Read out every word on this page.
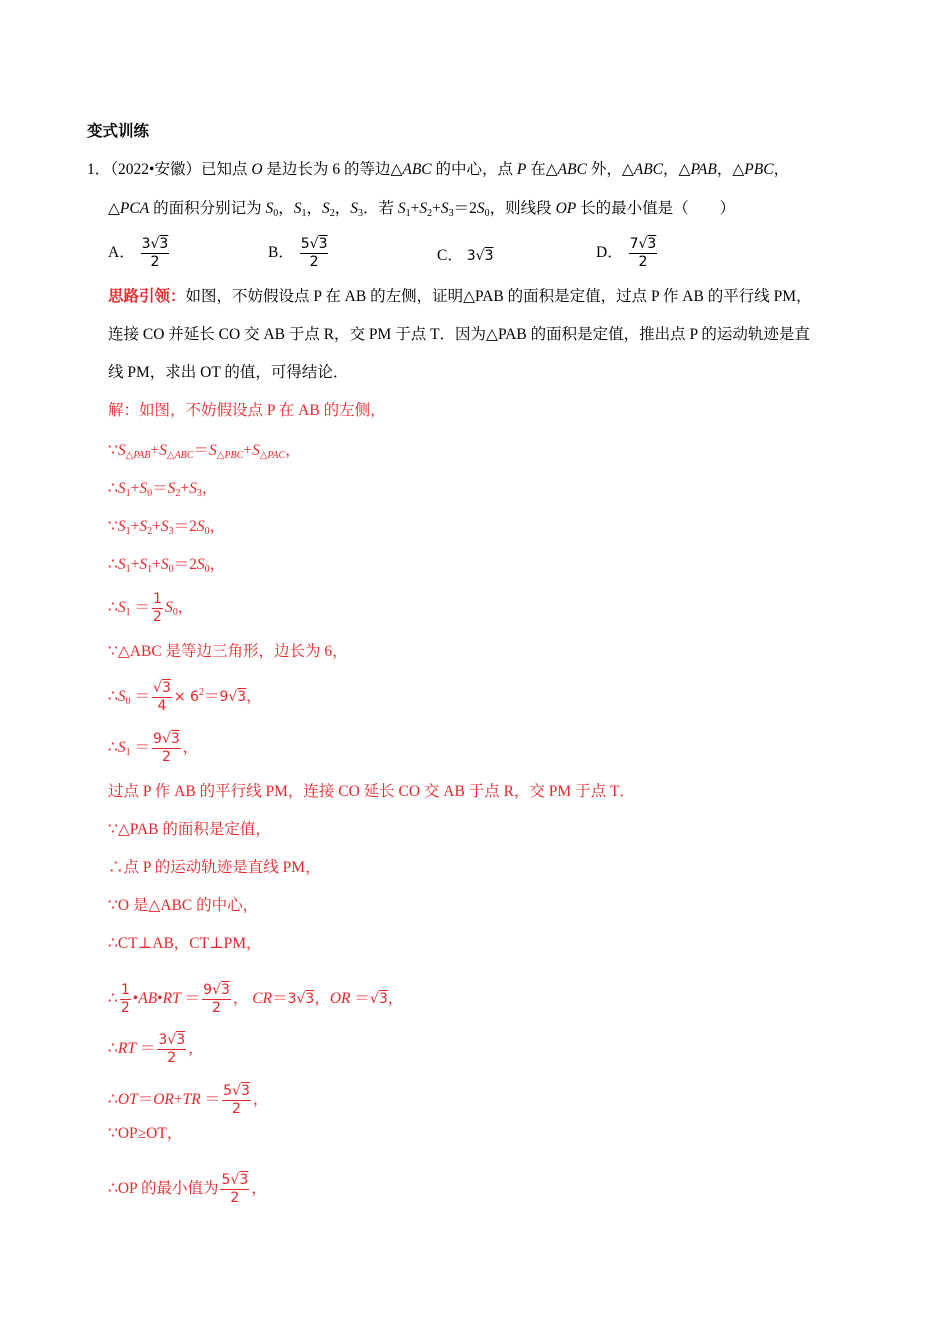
变式训练
1．（2022•安徽）已知点 O 是边长为 6 的等边△ABC 的中心，点 P 在△ABC 外，△ABC，△PAB，△PBC，
△PCA 的面积分别记为 $S_0$，$S_1$，$S_2$，$S_3$．若 $S_1+S_2+S_3=2S_0$，则线段 OP 长的最小值是（　　）
A． $\frac{3√3}{2}$	B． $\frac{5√3}{2}$	C． 3√3	D． $\frac{7√3}{2}$
思路引领：如图，不妨假设点 P 在 AB 的左侧，证明△PAB 的面积是定值，过点 P 作 AB 的平行线 PM，
连接 CO 并延长 CO 交 AB 于点 R，交 PM 于点 T．因为△PAB 的面积是定值，推出点 P 的运动轨迹是直
线 PM，求出 OT 的值，可得结论．
解：如图，不妨假设点 P 在 AB 的左侧，
$\because S_{\triangle PAB}+S_{\triangle ABC}=S_{\triangle PBC}+S_{\triangle PAC}$，
$\therefore S_1+S_0=S_2+S_3$，
$\because S_1+S_2+S_3=2S_0$，
$\therefore S_1+S_1+S_0=2S_0$，
$\therefore S_1 = \frac{1}{2} S_0$，
∵△ABC 是等边三角形，边长为 6，
$\therefore S_0 = \frac{√3}{4} \times 6^2=9√3$，
$\therefore S_1 = \frac{9√3}{2}$ ，
过点 P 作 AB 的平行线 PM，连接 CO 延长 CO 交 AB 于点 R，交 PM 于点 T．
∵△PAB 的面积是定值，
∴点 P 的运动轨迹是直线 PM，
∵O 是△ABC 的中心，
∴CT⊥AB，CT⊥PM，
∴ $\frac{1}{2}$ •AB•RT ＝ $\frac{9√3}{2}$ ， CR＝3√3，OR ＝√3，
∴RT ＝ $\frac{3√3}{2}$ ，
∴OT＝OR+TR ＝ $\frac{5√3}{2}$ ，
∵OP≥OT，
∴OP 的最小值为 $\frac{5√3}{2}$ ，
